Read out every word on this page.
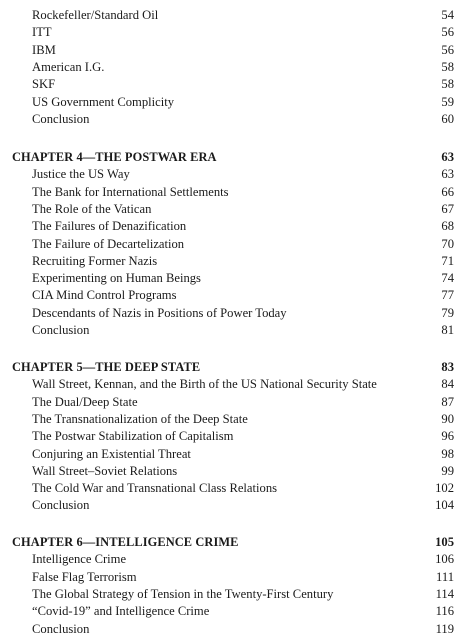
Rockefeller/Standard Oil	54
ITT	56
IBM	56
American I.G.	58
SKF	58
US Government Complicity	59
Conclusion	60
CHAPTER 4—THE POSTWAR ERA	63
Justice the US Way	63
The Bank for International Settlements	66
The Role of the Vatican	67
The Failures of Denazification	68
The Failure of Decartelization	70
Recruiting Former Nazis	71
Experimenting on Human Beings	74
CIA Mind Control Programs	77
Descendants of Nazis in Positions of Power Today	79
Conclusion	81
CHAPTER 5—THE DEEP STATE	83
Wall Street, Kennan, and the Birth of the US National Security State	84
The Dual/Deep State	87
The Transnationalization of the Deep State	90
The Postwar Stabilization of Capitalism	96
Conjuring an Existential Threat	98
Wall Street–Soviet Relations	99
The Cold War and Transnational Class Relations	102
Conclusion	104
CHAPTER 6—INTELLIGENCE CRIME	105
Intelligence Crime	106
False Flag Terrorism	111
The Global Strategy of Tension in the Twenty-First Century	114
“Covid-19” and Intelligence Crime	116
Conclusion	119
